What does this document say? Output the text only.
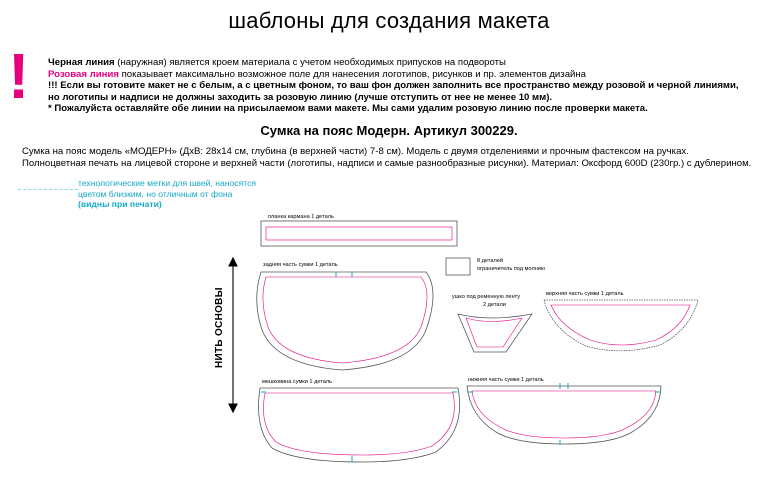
шаблоны для создания макета
! Черная линия (наружная) является кроем материала с учетом необходимых припусков на подвороты
Розовая линия показывает максимально возможное поле для нанесения логотипов, рисунков и пр. элементов дизайна
!!! Если вы готовите макет не с белым, а с цветным фоном, то ваш фон должен заполнить все пространство между розовой и черной линиями,
но логотипы и надписи не должны заходить за розовую линию (лучше отступить от нее не менее 10 мм).
* Пожалуйста оставляйте обе линии на присылаемом вами макете. Мы сами удалим розовую линию после проверки макета.
Сумка на пояс Модерн. Артикул 300229.
Сумка на пояс модель «МОДЕРН» (ДхВ: 28х14 см, глубина (в верхней части) 7-8 см). Модель с двумя отделениями и прочным фастексом на ручках.
Полноцветная печать на лицевой стороне и верхней части (логотипы, надписи и самые разнообразные рисунки). Материал: Оксфорд 600D (230гр.) с дублерином.
технологические метки для швей, наносятся
цветом близким, но отличным от фона
(видны при печати)
планка кармана 1 деталь
задняя часть сумки 1 деталь
8 деталей
ограничитель под молнию
ушко под ременную ленту
2 детали
верхняя часть сумки 1 деталь
мешковина сумки 1 деталь	нижняя часть сумки 1 деталь
НИТЬ ОСНОВЫ
